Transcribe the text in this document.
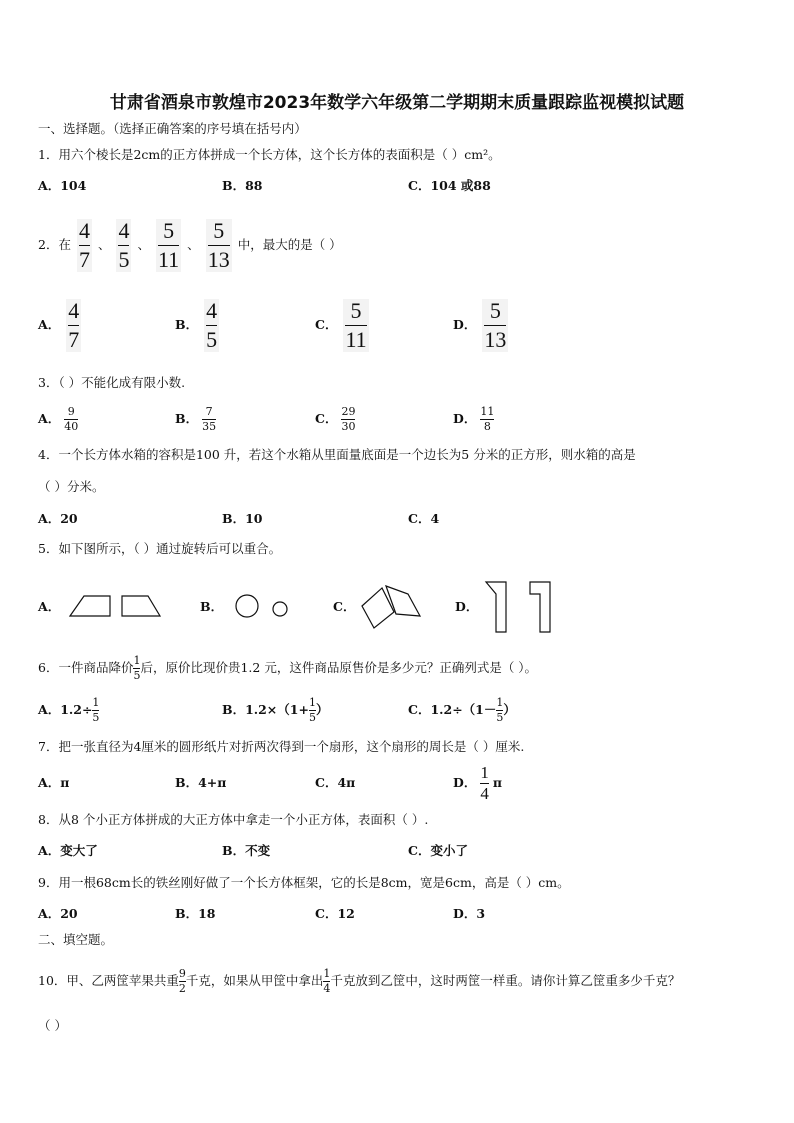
甘肃省酒泉市敦煌市2023年数学六年级第二学期期末质量跟踪监视模拟试题
一、选择题。（选择正确答案的序号填在括号内）
1．用六个棱长是2cm的正方体拼成一个长方体，这个长方体的表面积是（ ）cm²。
A．104	B．88	C．104 或88
2．在 $\frac{4}{7}$ 、 $\frac{4}{5}$ 、 $\frac{5}{11}$ 、 $\frac{5}{13}$ 中，最大的是（ ）
A． $\frac{4}{7}$	B． $\frac{4}{5}$	C． $\frac{5}{11}$	D． $\frac{5}{13}$
3．（ ）不能化成有限小数.
A． $\frac{9}{40}$	B． $\frac{7}{35}$	C． $\frac{29}{30}$	D． $\frac{11}{8}$
4．一个长方体水箱的容积是100 升，若这个水箱从里面量底面是一个边长为5 分米的正方形，则水箱的高是
（ ）分米。
A．20	B．10	C．4
5．如下图所示，（ ）通过旋转后可以重合。
A．	B．	C．	D．
6．一件商品降价 $\frac{1}{5}$ 后，原价比现价贵1.2 元，这件商品原售价是多少元？正确列式是（ ）。
A．$1.2\div \frac{1}{5}$	B．$1.2\times(1+ \frac{1}{5}$ ）	C．$1.2\div(1- \frac{1}{5}$ ）
7．把一张直径为4厘米的圆形纸片对折两次得到一个扇形，这个扇形的周长是（ ）厘米.
A．π	B．4+π	C．4π	D． $\frac{1}{4}$ π
8．从8 个小正方体拼成的大正方体中拿走一个小正方体，表面积（ ）.
A．变大了	B．不变	C．变小了
9．用一根68cm长的铁丝刚好做了一个长方体框架，它的长是8cm，宽是6cm，高是（ ）cm。
A．20	B．18	C．12	D．3
二、填空题。
10．甲、乙两筐苹果共重 $\frac{9}{2}$ 千克，如果从甲筐中拿出 $\frac{1}{4}$ 千克放到乙筐中，这时两筐一样重。请你计算乙筐重多少千克？
（ ）
